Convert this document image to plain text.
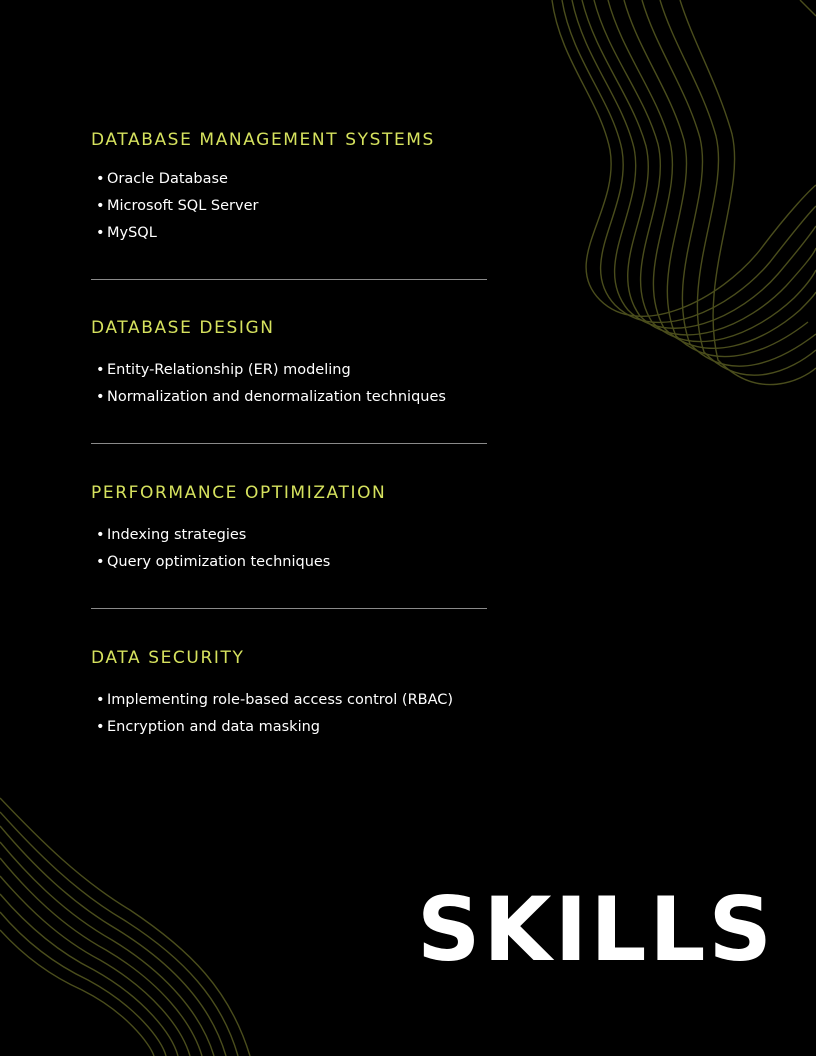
DATABASE MANAGEMENT SYSTEMS
• Oracle Database
• Microsoft SQL Server
• MySQL
DATABASE DESIGN
• Entity-Relationship (ER) modeling
• Normalization and denormalization techniques
PERFORMANCE OPTIMIZATION
• Indexing strategies
• Query optimization techniques
DATA SECURITY
• Implementing role-based access control (RBAC)
• Encryption and data masking
SKILLS
